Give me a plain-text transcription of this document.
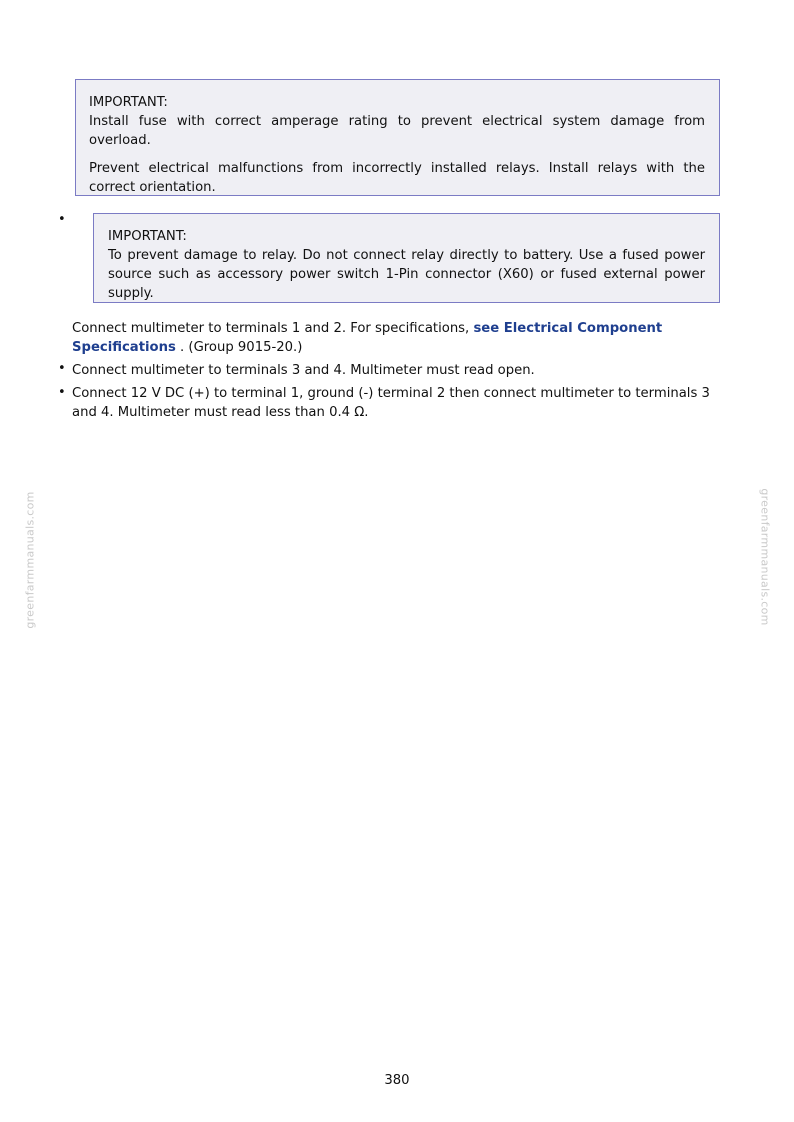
IMPORTANT:

Install fuse with correct amperage rating to prevent electrical system damage from overload.

Prevent electrical malfunctions from incorrectly installed relays. Install relays with the correct orientation.

•

IMPORTANT:

To prevent damage to relay. Do not connect relay directly to battery. Use a fused power source such as accessory power switch 1-Pin connector (X60) or fused external power supply.

Connect multimeter to terminals 1 and 2. For specifications, see Electrical Component Specifications . (Group 9015-20.)

• Connect multimeter to terminals 3 and 4. Multimeter must read open.

• Connect 12 V DC (+) to terminal 1, ground (-) terminal 2 then connect multimeter to terminals 3 and 4. Multimeter must read less than 0.4 Ω.

greenfarmmanuals.com	greenfarmmanuals.com
380
